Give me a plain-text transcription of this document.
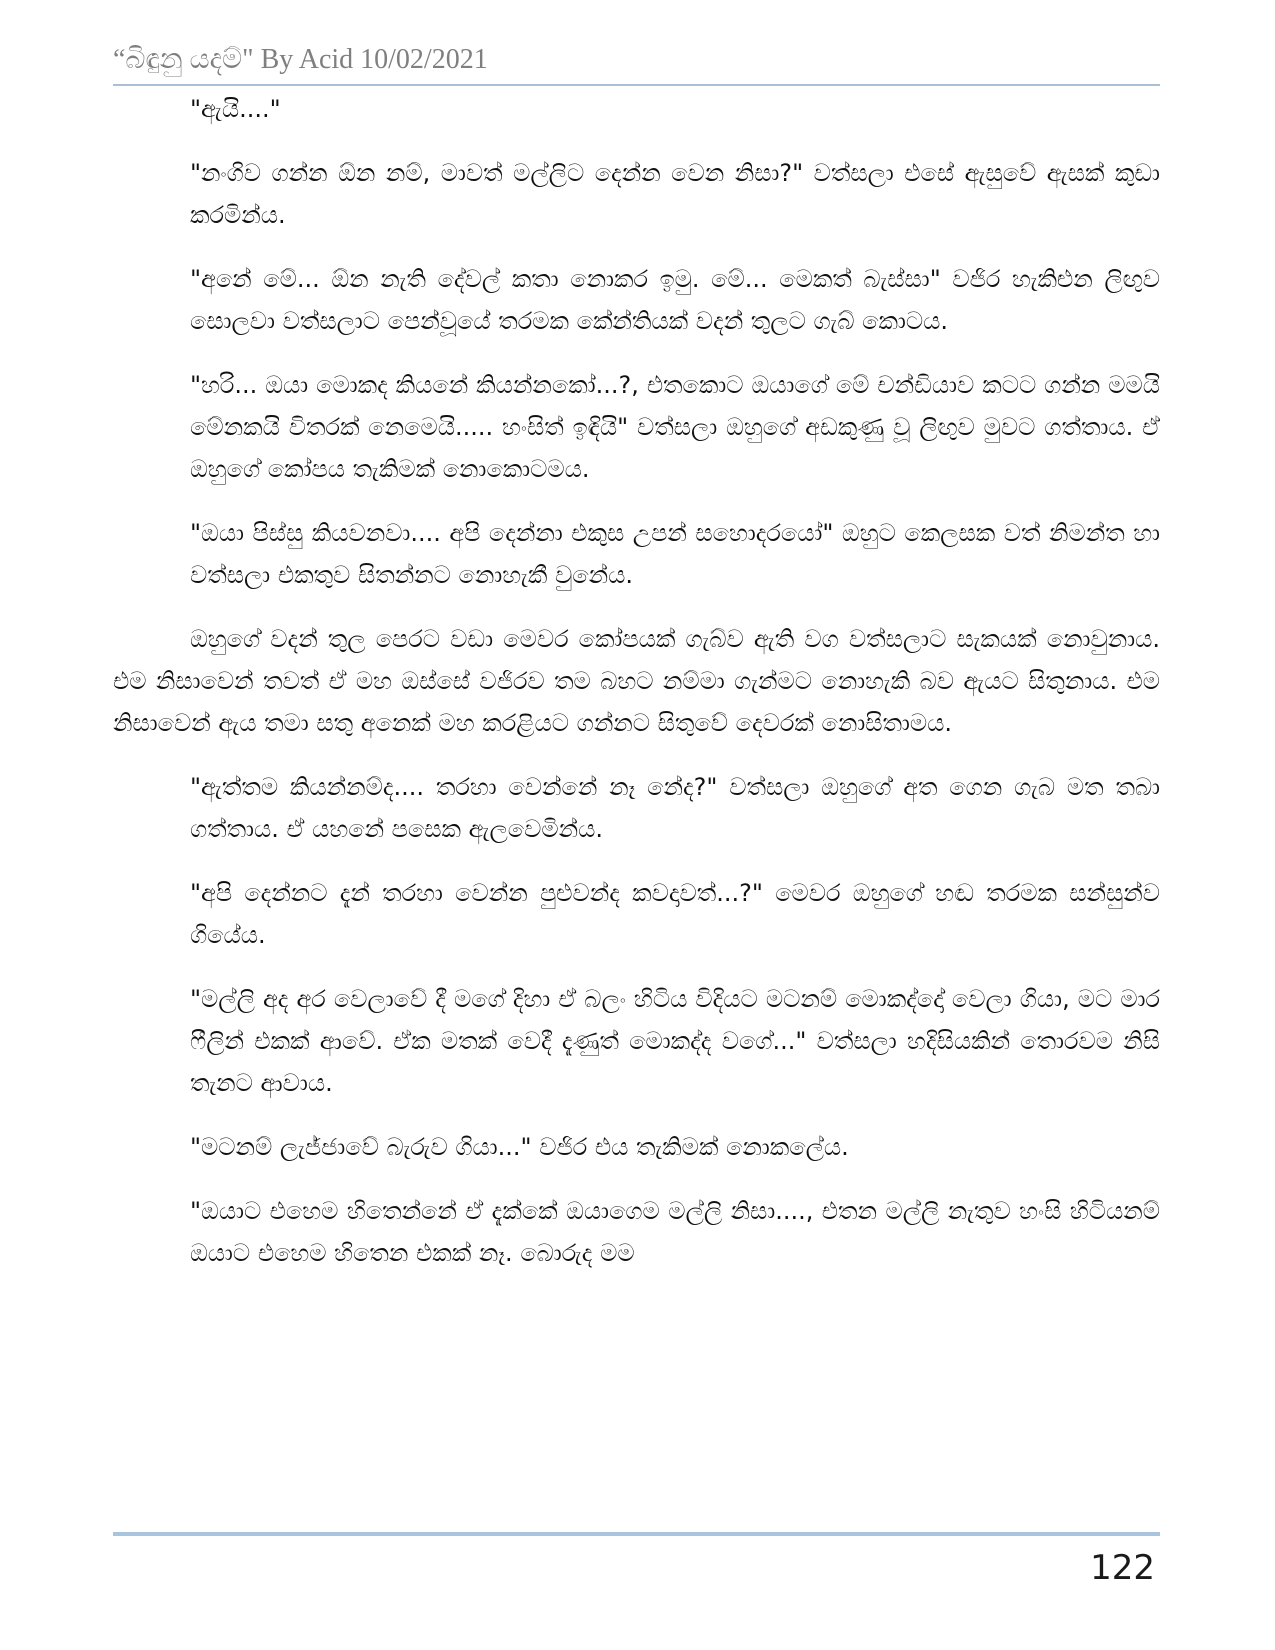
“බිඳුනු යදම්" By Acid 10/02/2021

"ඇයි...."

"නංගිව ගන්න ඕන නම්, මාවත් මල්ලිට දෙන්න වෙන නිසා?" වත්සලා එසේ ඇසුවේ ඇසක් කුඩා කරමින්ය.

"අනේ මේ... ඕන නැති දේවල් කතා නොකර ඉමු. මේ... මෙකත් බැස්සා" වජිර හැකිළුන ලිඟුව සොලවා වත්සලාට පෙන්වූයේ තරමක කේන්තියක් වදන් තුලට ගැබ් කොටය.

"හරි... ඔයා මොකද කියනේ කියන්නකෝ...?, එතකොට ඔයාගේ මේ චන්ඩියාව කටට ගන්න මමයි මේනකයි විතරක් නෙමෙයි..... හංසිත් ඉඳියි" වත්සලා ඔහුගේ අඩකුණු වූ ලිඟුව මුවට ගත්තාය. ඒ ඔහුගේ කෝපය තැකිමක් නොකොටමය.

"ඔයා පිස්සු කියවනවා.... අපි දෙන්නා එකුස උපන් සහොදරයෝ" ඔහුට කෙලසක වත් නිමන්ත හා වත්සලා එකතුව සිතන්නට නොහැකී වුනේය.

ඔහුගේ වදන් තුල පෙරට වඩා මෙවර කෝපයක් ගැබ්ව ඇති වග වත්සලාට සැකයක් නොවුනාය. එම නිසාවෙන් තවත් ඒ මහ ඔස්සේ වජිරව තම බහට නම්මා ගැන්මට නොහැකි බව ඇයට සිතුනාය. එම නිසාවෙන් ඇය තමා සතු අනෙක් මහ කරළියට ගන්නට සිතුවේ දෙවරක් නොසිතාමය.

"ඇත්තම කියන්නම්ද.... තරහා වෙන්නේ නෑ නේද?" වත්සලා ඔහුගේ අත ගෙන ගැබ මත තබා ගත්තාය. ඒ යහනේ පසෙක ඇලවෙමින්ය.

"අපි දෙන්නට දැන් තරහා වෙන්න පුළුවන්ද කවදාවත්...?" මෙවර ඔහුගේ හඬ තරමක සන්සුන්ව ගියේය.

"මල්ලි අද අර වෙලාවේ දී මගේ දිහා ඒ බලං හිටිය විදියට මටනම් මොකද්දෝ වෙලා ගියා, මට මාර ෆීලින් එකක් ආවේ. ඒක මතක් වෙදී දැණුත් මොකද්ද වගේ..." වත්සලා හදිසියකින් තොරවම නිසි තැනට ආවාය.

"මටනම් ලැජ්ජාවේ බැරුව ගියා..." වජිර එය තැකිමක් නොකලේය.

"ඔයාට එහෙම හිතෙන්නේ ඒ දැක්කේ ඔයාගෙම මල්ලි නිසා...., එතන මල්ලි නැතුව හංසි හිටියනම් ඔයාට එහෙම හිතෙන එකක් නෑ. බොරුද මම

122
